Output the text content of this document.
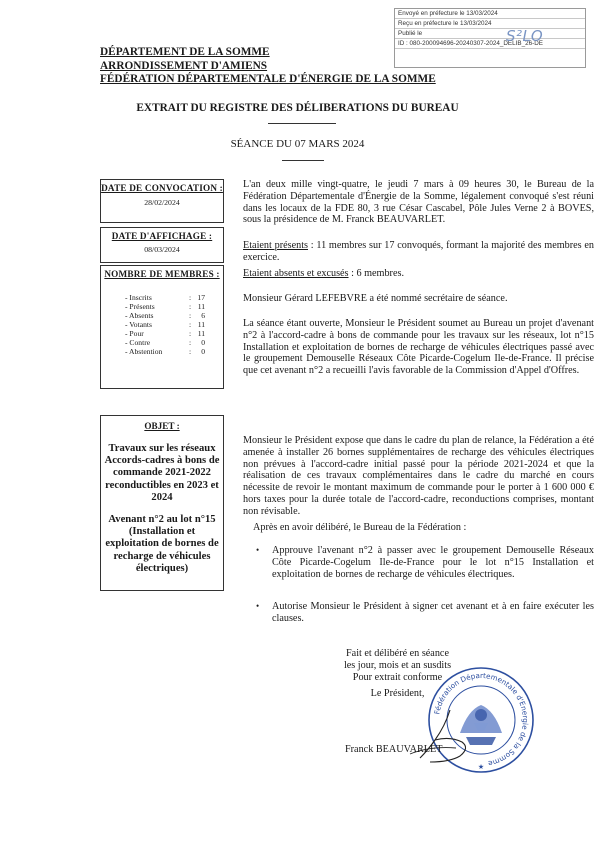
Envoyé en préfecture le 13/03/2024
Reçu en préfecture le 13/03/2024
Publié le
ID : 080-200094696-20240307-2024_DELIB_26-DE
S²LO
DÉPARTEMENT DE LA SOMME
ARRONDISSEMENT D'AMIENS
FÉDÉRATION DÉPARTEMENTALE D'ÉNERGIE DE LA SOMME
EXTRAIT DU REGISTRE DES DÉLIBERATIONS DU BUREAU
SÉANCE DU 07 MARS 2024
DATE DE CONVOCATION :
28/02/2024
DATE D'AFFICHAGE :
08/03/2024
NOMBRE DE MEMBRES :
- Inscrits	: 17
- Présents	: 11
- Absents	:	6
- Votants	: 11
- Pour	: 11
- Contre	:	0
- Abstention	:	0
OBJET :
Travaux sur les réseaux Accords-cadres à bons de commande 2021-2022 reconductibles en 2023 et 2024
Avenant n°2 au lot n°15 (Installation et exploitation de bornes de recharge de véhicules électriques)
L'an deux mille vingt-quatre, le jeudi 7 mars à 09 heures 30, le Bureau de la Fédération Départementale d'Énergie de la Somme, légalement convoqué s'est réuni dans les locaux de la FDE 80, 3 rue César Cascabel, Pôle Jules Verne 2 à BOVES, sous la présidence de M. Franck BEAUVARLET.
Etaient présents : 11 membres sur 17 convoqués, formant la majorité des membres en exercice.
Etaient absents et excusés : 6 membres.
Monsieur Gérard LEFEBVRE a été nommé secrétaire de séance.
La séance étant ouverte, Monsieur le Président soumet au Bureau un projet d'avenant n°2 à l'accord-cadre à bons de commande pour les travaux sur les réseaux, lot n°15 Installation et exploitation de bornes de recharge de véhicules électriques passé avec le groupement Demouselle Réseaux Côte Picarde-Cogelum Ile-de-France. Il précise que cet avenant n°2 a recueilli l'avis favorable de la Commission d'Appel d'Offres.
Monsieur le Président expose que dans le cadre du plan de relance, la Fédération a été amenée à installer 26 bornes supplémentaires de recharge des véhicules électriques non prévues à l'accord-cadre initial passé pour la période 2021-2024 et que la réalisation de ces travaux complémentaires dans le cadre du marché en cours nécessite de revoir le montant maximum de commande pour le porter à 1 600 000 € hors taxes pour la durée totale de l'accord-cadre, reconductions comprises, montant non révisable.
Après en avoir délibéré, le Bureau de la Fédération :
• Approuve l'avenant n°2 à passer avec le groupement Demouselle Réseaux Côte Picarde-Cogelum Ile-de-France pour le lot n°15 Installation et exploitation de bornes de recharge de véhicules électriques.
• Autorise Monsieur le Président à signer cet avenant et à en faire exécuter les clauses.
Fait et délibéré en séance
les jour, mois et an susdits
Pour extrait conforme
Le Président,
Fédération Départementale d'Energie de la Somme
★
Franck BEAUVARLET
